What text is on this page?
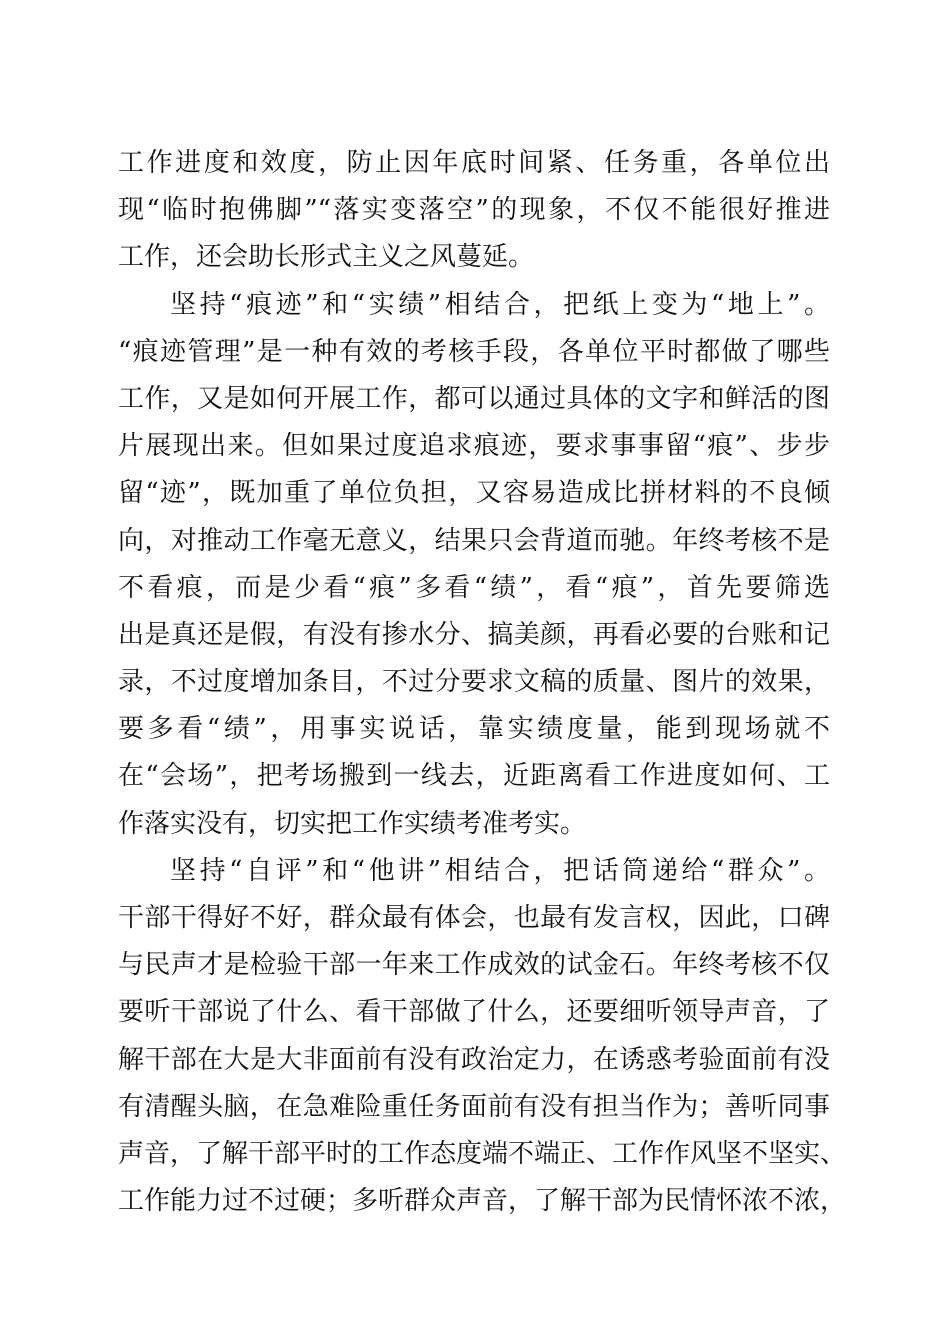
工作进度和效度，防止因年底时间紧、任务重，各单位出
现“临时抱佛脚”“落实变落空”的现象，不仅不能很好推进
工作，还会助长形式主义之风蔓延。
坚持“痕迹”和“实绩”相结合，把纸上变为“地上”。
“痕迹管理”是一种有效的考核手段，各单位平时都做了哪些
工作，又是如何开展工作，都可以通过具体的文字和鲜活的图
片展现出来。但如果过度追求痕迹，要求事事留“痕”、步步
留“迹”，既加重了单位负担，又容易造成比拼材料的不良倾
向，对推动工作毫无意义，结果只会背道而驰。年终考核不是
不看痕，而是少看“痕”多看“绩”，看“痕”，首先要筛选
出是真还是假，有没有掺水分、搞美颜，再看必要的台账和记
录，不过度增加条目，不过分要求文稿的质量、图片的效果，
要多看“绩”，用事实说话，靠实绩度量，能到现场就不
在“会场”，把考场搬到一线去，近距离看工作进度如何、工
作落实没有，切实把工作实绩考准考实。
坚持“自评”和“他讲”相结合，把话筒递给“群众”。
干部干得好不好，群众最有体会，也最有发言权，因此，口碑
与民声才是检验干部一年来工作成效的试金石。年终考核不仅
要听干部说了什么、看干部做了什么，还要细听领导声音，了
解干部在大是大非面前有没有政治定力，在诱惑考验面前有没
有清醒头脑，在急难险重任务面前有没有担当作为；善听同事
声音，了解干部平时的工作态度端不端正、工作作风坚不坚实、
工作能力过不过硬；多听群众声音，了解干部为民情怀浓不浓，
